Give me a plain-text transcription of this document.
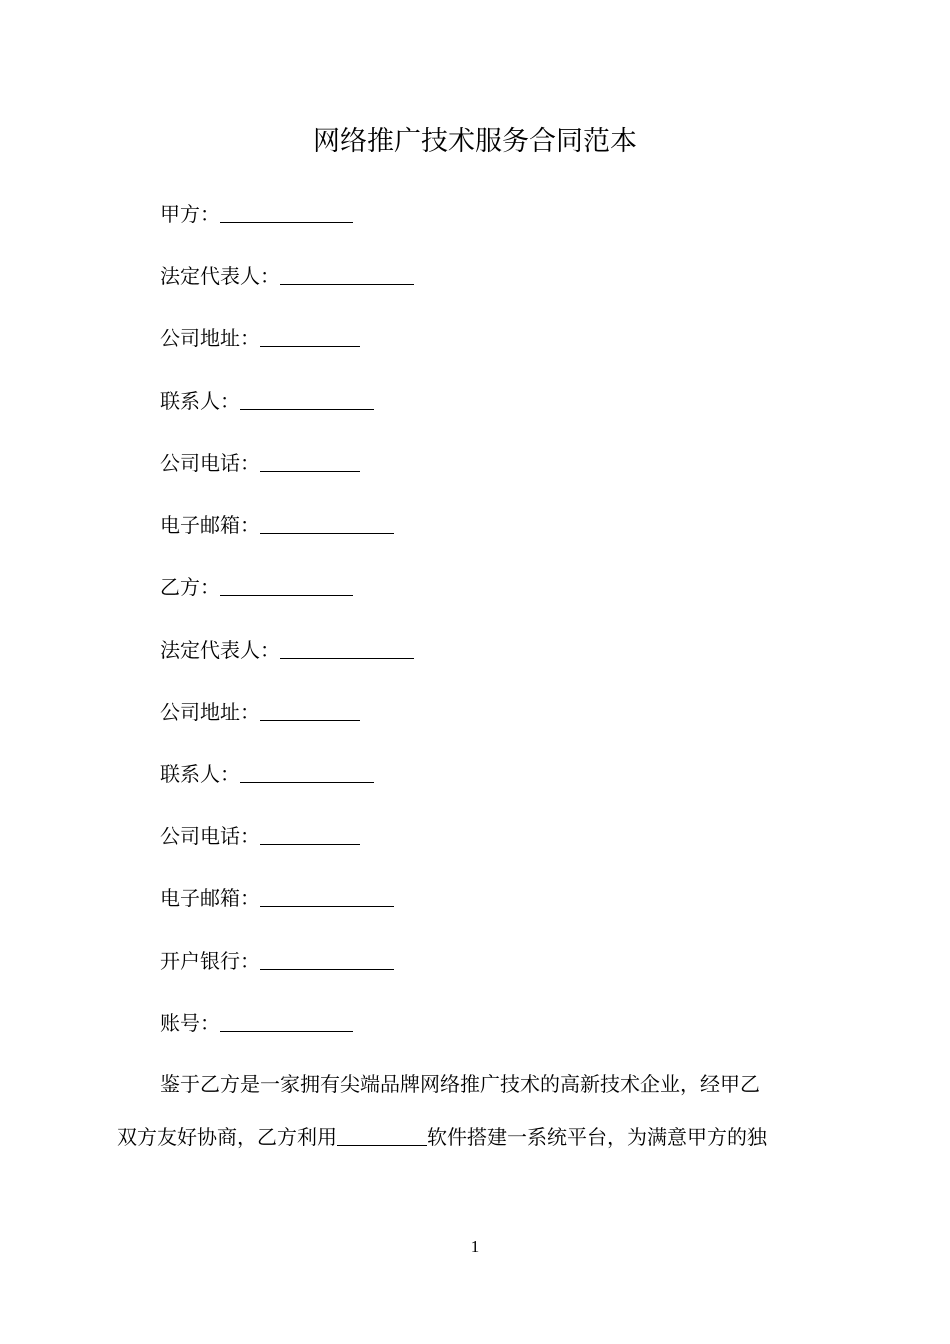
网络推广技术服务合同范本
甲方：
法定代表人：
公司地址：
联系人：
公司电话：
电子邮箱：
乙方：
法定代表人：
公司地址：
联系人：
公司电话：
电子邮箱：
开户银行：
账号：
鉴于乙方是一家拥有尖端品牌网络推广技术的高新技术企业，经甲乙
双方友好协商，乙方利用	软件搭建一系统平台，为满意甲方的独
1
